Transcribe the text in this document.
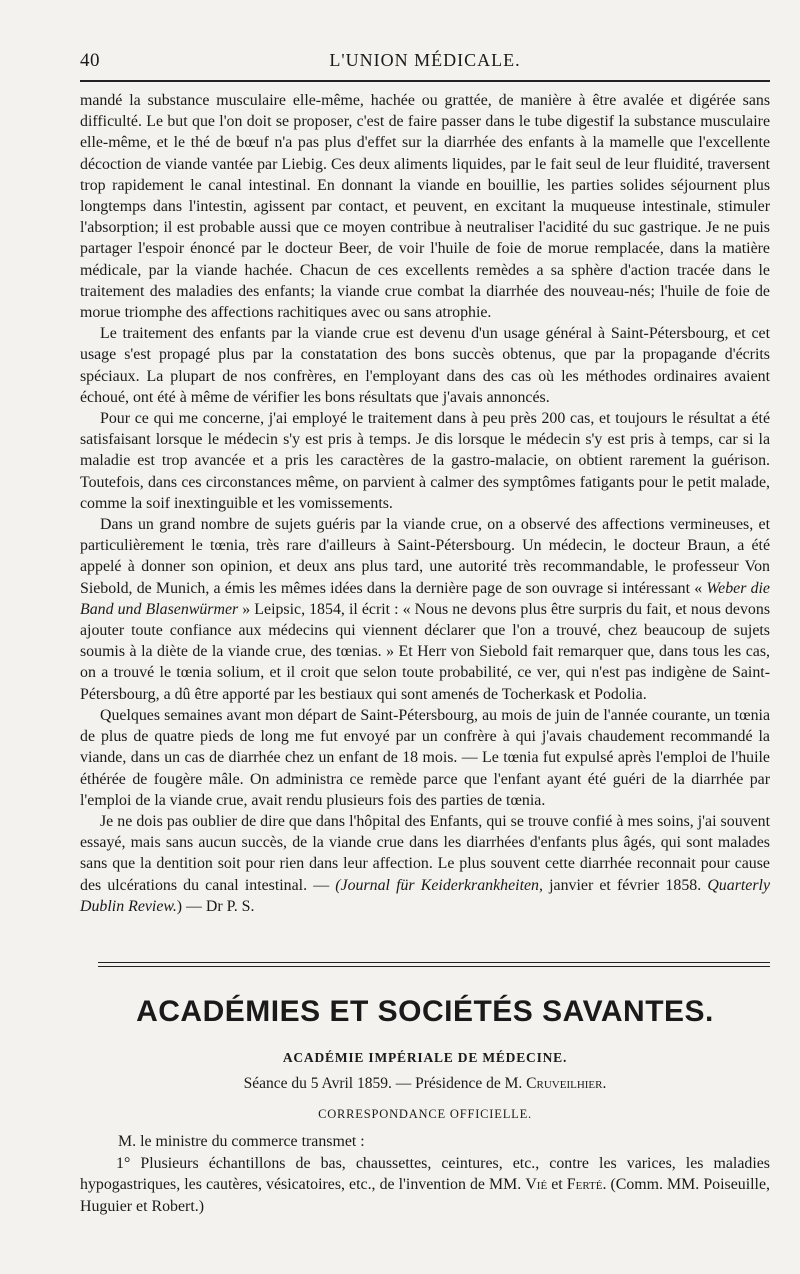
40	L'UNION MÉDICALE.

mandé la substance musculaire elle-même, hachée ou grattée, de manière à être avalée et digérée sans difficulté. Le but que l'on doit se proposer, c'est de faire passer dans le tube digestif la substance musculaire elle-même, et le thé de bœuf n'a pas plus d'effet sur la diarrhée des enfants à la mamelle que l'excellente décoction de viande vantée par Liebig. Ces deux aliments liquides, par le fait seul de leur fluidité, traversent trop rapidement le canal intestinal. En donnant la viande en bouillie, les parties solides séjournent plus longtemps dans l'intestin, agissent par contact, et peuvent, en excitant la muqueuse intestinale, stimuler l'absorption; il est probable aussi que ce moyen contribue à neutraliser l'acidité du suc gastrique. Je ne puis partager l'espoir énoncé par le docteur Beer, de voir l'huile de foie de morue remplacée, dans la matière médicale, par la viande hachée. Chacun de ces excellents remèdes a sa sphère d'action tracée dans le traitement des maladies des enfants; la viande crue combat la diarrhée des nouveau-nés; l'huile de foie de morue triomphe des affections rachitiques avec ou sans atrophie.

Le traitement des enfants par la viande crue est devenu d'un usage général à Saint-Pétersbourg, et cet usage s'est propagé plus par la constatation des bons succès obtenus, que par la propagande d'écrits spéciaux. La plupart de nos confrères, en l'employant dans des cas où les méthodes ordinaires avaient échoué, ont été à même de vérifier les bons résultats que j'avais annoncés.

Pour ce qui me concerne, j'ai employé le traitement dans à peu près 200 cas, et toujours le résultat a été satisfaisant lorsque le médecin s'y est pris à temps. Je dis lorsque le médecin s'y est pris à temps, car si la maladie est trop avancée et a pris les caractères de la gastro-malacie, on obtient rarement la guérison. Toutefois, dans ces circonstances même, on parvient à calmer des symptômes fatigants pour le petit malade, comme la soif inextinguible et les vomissements.

Dans un grand nombre de sujets guéris par la viande crue, on a observé des affections vermineuses, et particulièrement le tœnia, très rare d'ailleurs à Saint-Pétersbourg. Un médecin, le docteur Braun, a été appelé à donner son opinion, et deux ans plus tard, une autorité très recommandable, le professeur Von Siebold, de Munich, a émis les mêmes idées dans la dernière page de son ouvrage si intéressant « Weber die Band und Blasenwürmer » Leipsic, 1854, il écrit : « Nous ne devons plus être surpris du fait, et nous devons ajouter toute confiance aux médecins qui viennent déclarer que l'on a trouvé, chez beaucoup de sujets soumis à la diète de la viande crue, des tœnias. » Et Herr von Siebold fait remarquer que, dans tous les cas, on a trouvé le tœnia solium, et il croit que selon toute probabilité, ce ver, qui n'est pas indigène de Saint-Pétersbourg, a dû être apporté par les bestiaux qui sont amenés de Tocherkask et Podolia.

Quelques semaines avant mon départ de Saint-Pétersbourg, au mois de juin de l'année courante, un tœnia de plus de quatre pieds de long me fut envoyé par un confrère à qui j'avais chaudement recommandé la viande, dans un cas de diarrhée chez un enfant de 18 mois. — Le tœnia fut expulsé après l'emploi de l'huile éthérée de fougère mâle. On administra ce remède parce que l'enfant ayant été guéri de la diarrhée par l'emploi de la viande crue, avait rendu plusieurs fois des parties de tœnia.

Je ne dois pas oublier de dire que dans l'hôpital des Enfants, qui se trouve confié à mes soins, j'ai souvent essayé, mais sans aucun succès, de la viande crue dans les diarrhées d'enfants plus âgés, qui sont malades sans que la dentition soit pour rien dans leur affection. Le plus souvent cette diarrhée reconnait pour cause des ulcérations du canal intestinal. — (Journal für Keiderkrankheiten, janvier et février 1858. Quarterly Dublin Review.) — Dr P. S.

ACADÉMIES ET SOCIÉTÉS SAVANTES.
ACADÉMIE IMPÉRIALE DE MÉDECINE.
Séance du 5 Avril 1859. — Présidence de M. Cruveilhier.
CORRESPONDANCE OFFICIELLE.

M. le ministre du commerce transmet :

1° Plusieurs échantillons de bas, chaussettes, ceintures, etc., contre les varices, les maladies hypogastriques, les cautères, vésicatoires, etc., de l'invention de MM. Vié et Ferté. (Comm. MM. Poiseuille, Huguier et Robert.)
